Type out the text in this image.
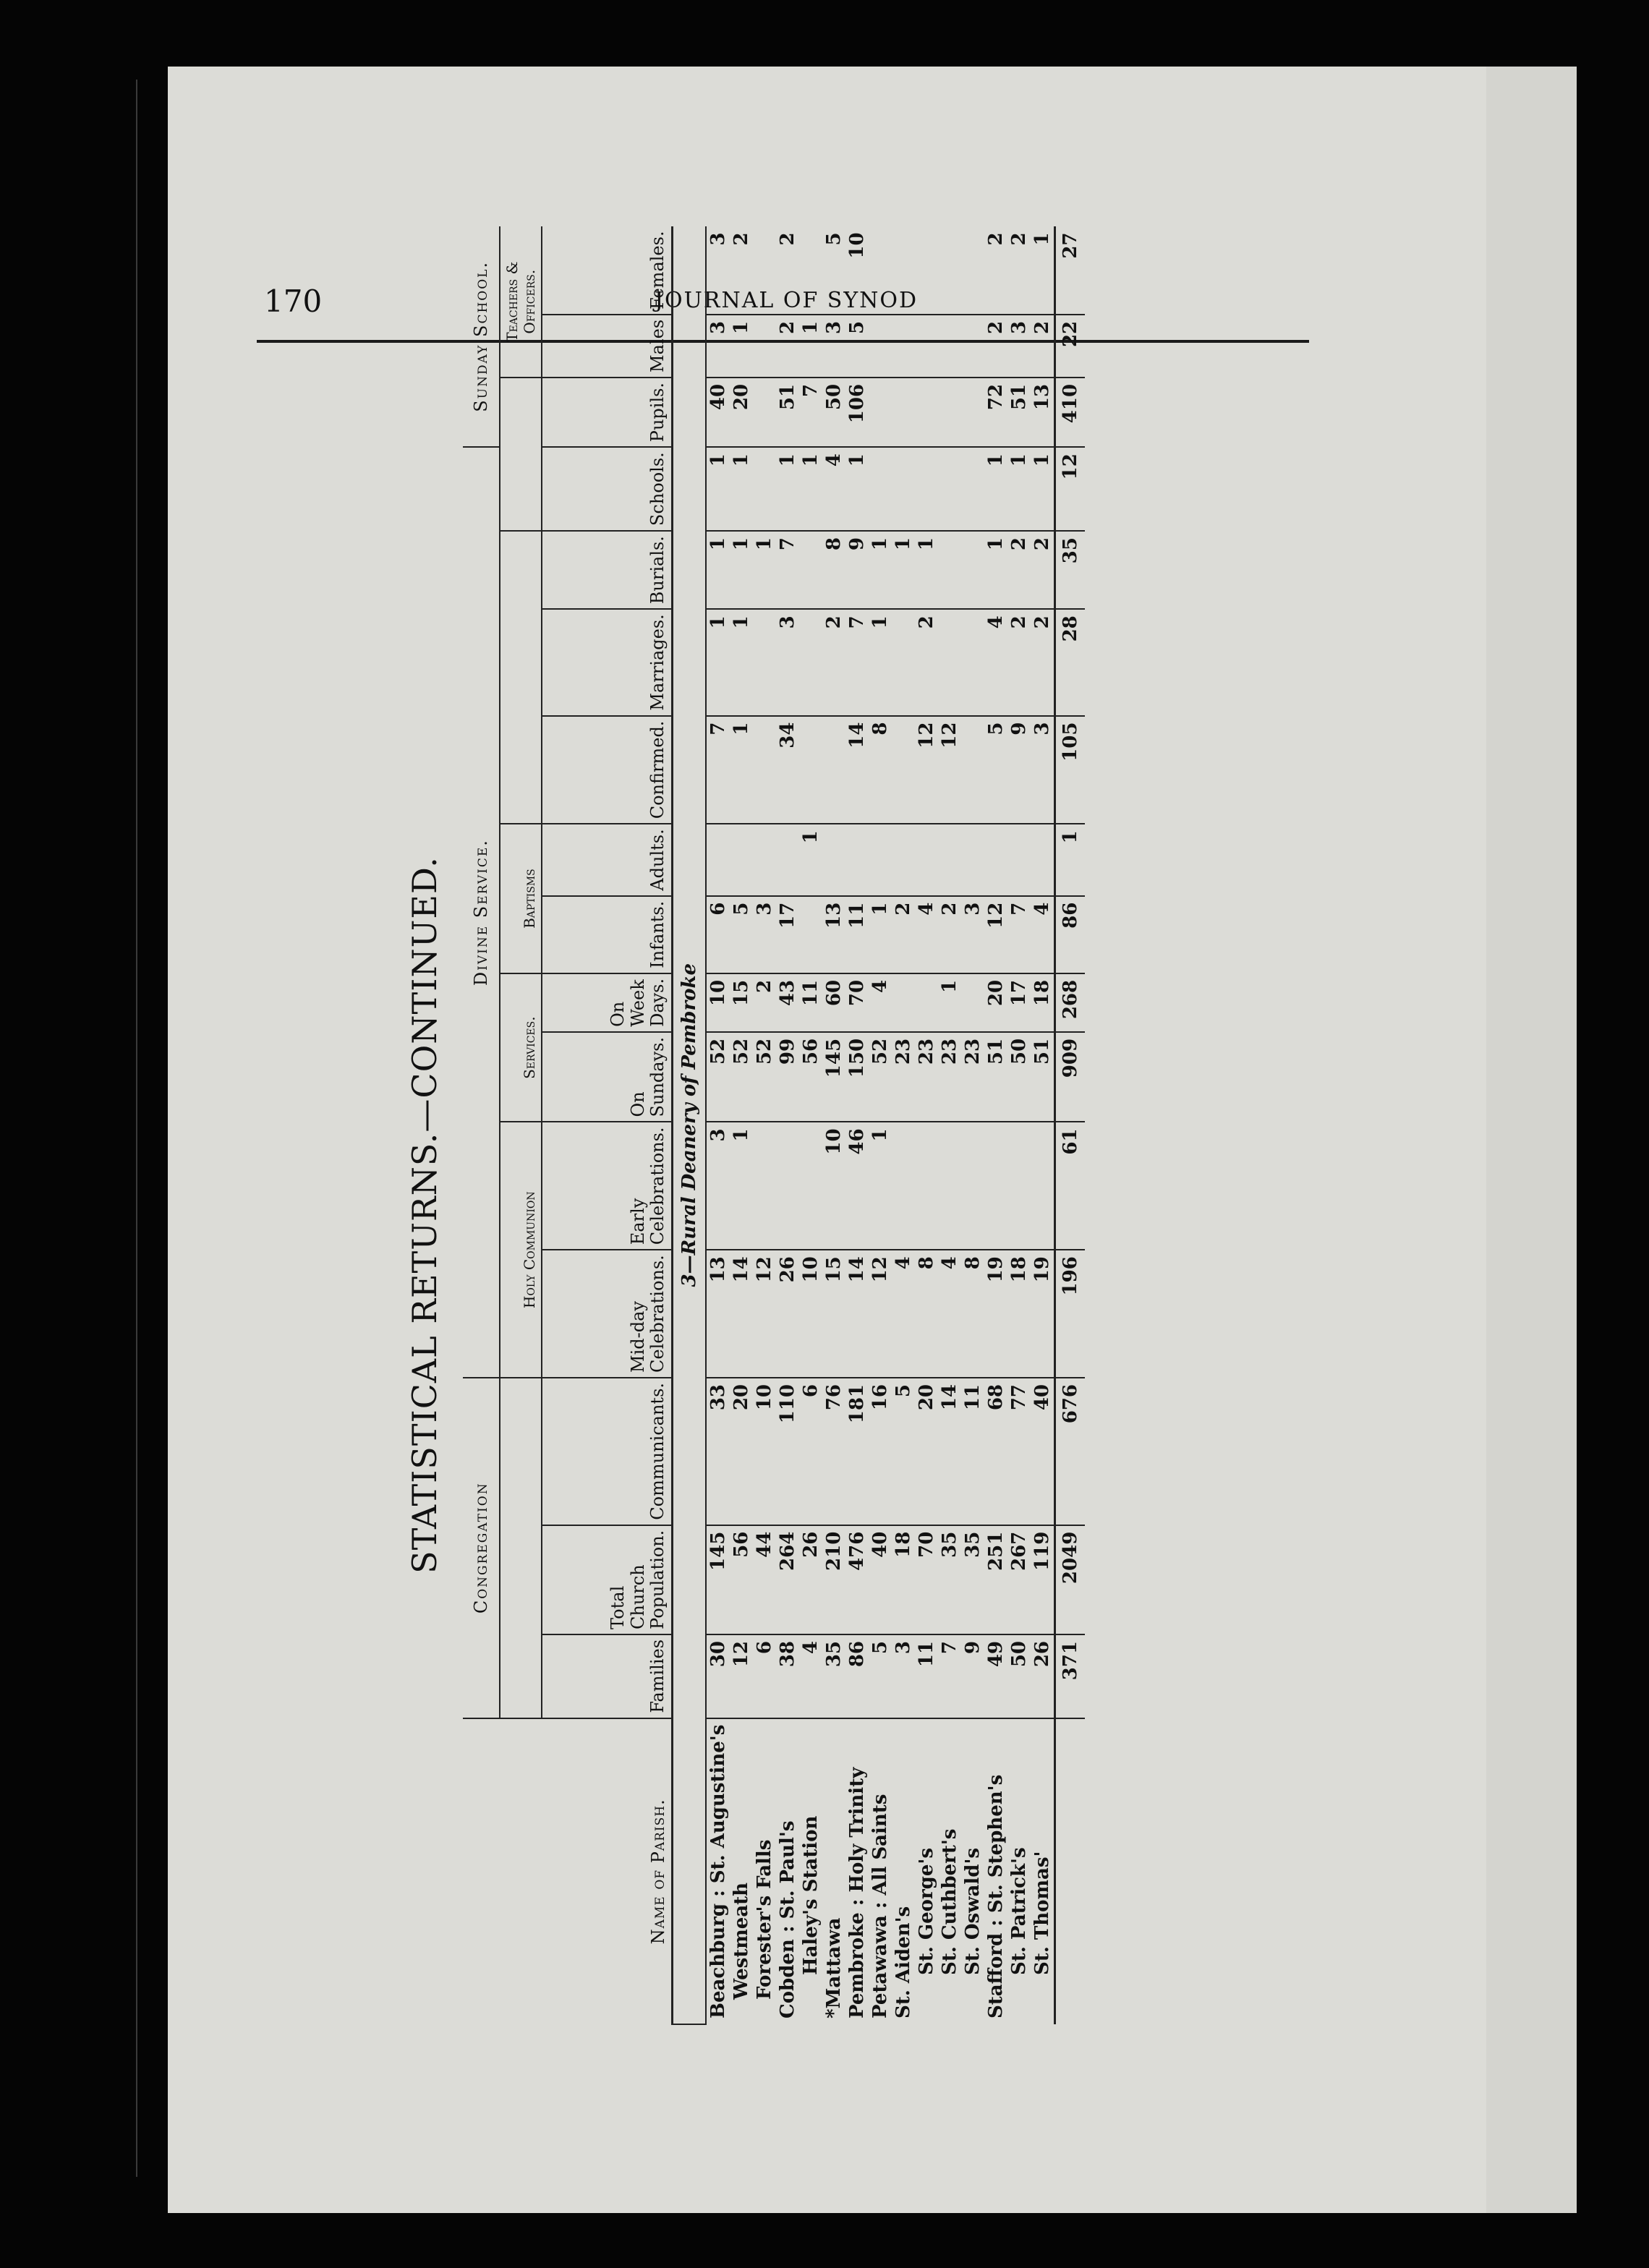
170	JOURNAL OF SYNOD
STATISTICAL RETURNS.—CONTINUED.
Name of Parish.	Congregation			Divine Service.										Sunday School.		
				Holy Communion		Services.		Baptisms							Teachers & Officers.	
	Families	Total Church Population.	Communicants.	Mid-day Celebrations.	Early Celebrations.	On Sundays.	On Week Days.	Infants.	Adults.	Confirmed.	Marriages.	Burials.	Schools.	Pupils.	Males	Females.
3—Rural Deanery of Pembroke																
Beachburg : St. Augustine's	30	145	33	13	3	52	10	6		7	1	1	1	40	3	3
Westmeath	12	56	20	14	1	52	15	5		1	1	1	1	20	1	2
Forester's Falls	6	44	10	12		52	2	3				1				
Cobden : St. Paul's	38	264	110	26		99	43	17		34	3	7	1	51	2	2
Haley's Station	4	26	6	10		56	11		1				1	7	1	
*Mattawa	35	210	76	15	10	145	60	13			2	8	4	50	3	5
Pembroke : Holy Trinity	86	476	181	14	46	150	70	11		14	7	9	1	106	5	10
Petawawa : All Saints	5	40	16	12	1	52	4	1		8	1	1				
St. Aiden's	3	18	5	4		23		2				1				
St. George's	11	70	20	8		23		4		12	2	1				
St. Cuthbert's	7	35	14	4		23	1	2		12						
St. Oswald's	9	35	11	8		23		3								
Stafford : St. Stephen's	49	251	68	19		51	20	12		5	4	1	1	72	2	2
St. Patrick's	50	267	77	18		50	17	7		9	2	2	1	51	3	2
St. Thomas'	26	119	40	19		51	18	4		3	2	2	1	13	2	1
	371	2049	676	196	61	909	268	86	1	105	28	35	12	410	22	27
